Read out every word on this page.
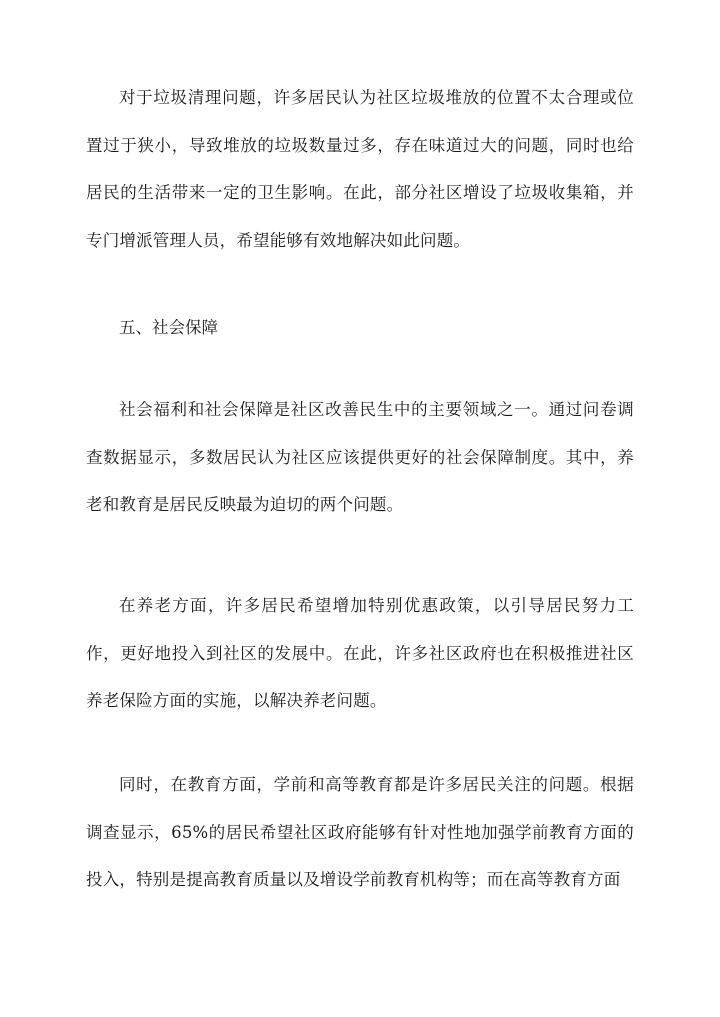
对于垃圾清理问题，许多居民认为社区垃圾堆放的位置不太合理或位置过于狭小，导致堆放的垃圾数量过多，存在味道过大的问题，同时也给居民的生活带来一定的卫生影响。在此，部分社区增设了垃圾收集箱，并专门增派管理人员，希望能够有效地解决如此问题。

五、社会保障

社会福利和社会保障是社区改善民生中的主要领域之一。通过问卷调查数据显示，多数居民认为社区应该提供更好的社会保障制度。其中，养老和教育是居民反映最为迫切的两个问题。

在养老方面，许多居民希望增加特别优惠政策，以引导居民努力工作，更好地投入到社区的发展中。在此，许多社区政府也在积极推进社区养老保险方面的实施，以解决养老问题。

同时，在教育方面，学前和高等教育都是许多居民关注的问题。根据调查显示，65%的居民希望社区政府能够有针对性地加强学前教育方面的投入，特别是提高教育质量以及增设学前教育机构等；而在高等教育方面
